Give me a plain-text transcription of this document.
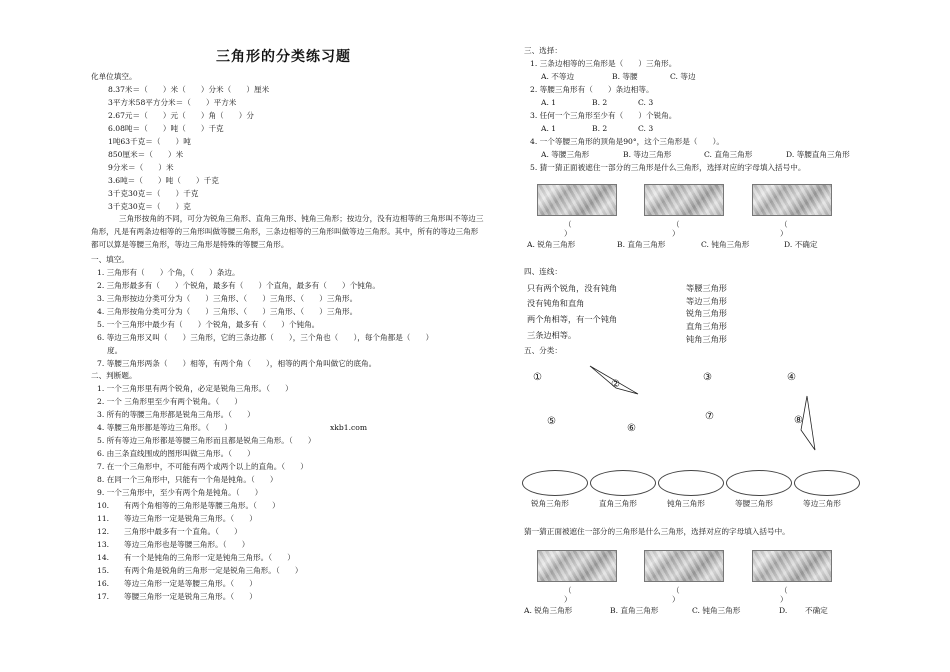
三角形的分类练习题
化单位填空。
8.37米＝（　　）米（　　）分米（　　）厘米
3平方米58平方分米＝（　　）平方米
2.67元＝（　　）元（　　）角（　　）分
6.08吨＝（　　）吨（　　）千克
1吨63千克＝（　　）吨
850厘米＝（　　）米
9分米＝（　　）米
3.6吨＝（　　）吨（　　）千克
3千克30克＝（　　）千克
3千克30克＝（　　）克
三角形按角的不同，可分为锐角三角形、直角三角形、钝角三角形；按边分，没有边相等的三角形叫不等边三角形，凡是有两条边相等的三角形叫做等腰三角形，三条边相等的三角形叫做等边三角形。其中，所有的等边三角形都可以算是等腰三角形，等边三角形是特殊的等腰三角形。
一、填空。
1. 三角形有（　　）个角，（　　）条边。
2. 三角形最多有（　　）个锐角，最多有（　　）个直角，最多有（　　）个钝角。
3. 三角形按边分类可分为（　　）三角形、（　　）三角形、（　　）三角形。
4. 三角形按角分类可分为（　　）三角形、（　　）三角形、（　　）三角形。
5. 一个三角形中最少有（　　）个锐角，最多有（　　）个钝角。
6. 等边三角形又叫（　　）三角形，它的三条边都（　　），三个角也（　　），每个角都是（　　）
度。
7. 等腰三角形两条（　　）相等，有两个角（　　），相等的两个角叫做它的底角。
二、判断题。
1. 一个三角形里有两个锐角，必定是锐角三角形。（　　）
2. 一个 三角形里至少有两个锐角。（　　）
3. 所有的等腰三角形都是锐角三角形。（　　）
4. 等腰三角形都是等边三角形。（　　）
5. 所有等边三角形都是等腰三角形而且都是锐角三角形。（　　）
6. 由三条直线围成的图形叫做三角形。（　　）
7. 在一个三角形中，不可能有两个或两个以上的直角。（　　）
8. 在同一个三角形中，只能有一个角是钝角。（　　）
9. 一个三角形中，至少有两个角是钝角。（　　）
10. 有两个角相等的三角形是等腰三角形。（　　）
11. 等边三角形一定是锐角三角形。（　　）
12. 三角形中最多有一个直角。（　　）
13. 等边三角形也是等腰三角形。（　　）
14. 有一个是钝角的三角形一定是钝角三角形。（　　）
15. 有两个角是锐角的三角形一定是锐角三角形。（　　）
16. 等边三角形一定是等腰三角形。（　　）
17. 等腰三角形一定是锐角三角形。（　　）
xkb1.com
三、选择：
1. 三条边相等的三角形是（　　）三角形。
A. 不等边	B. 等腰	C. 等边
2. 等腰三角形有（　　）条边相等。
A. 1	B. 2	C. 3
3. 任何一个三角形至少有（　　）个锐角。
A. 1	B. 2	C. 3
4. 一个等腰三角形的顶角是90°，这个三角形是（　　）。
A. 等腰三角形	B. 等边三角形	C. 直角三角形	D. 等腰直角三角形
5. 猜一猜正面被遮住一部分的三角形是什么三角形，选择对应的字母填入括号中。
（
）
（
）
（
）
A. 锐角三角形	B. 直角三角形	C. 钝角三角形	D. 不确定
四、连线：
只有两个锐角，没有钝角
没有钝角和直角
两个角相等，有一个钝角
三条边相等。
等腰三角形
等边三角形
锐角三角形
直角三角形
钝角三角形
五、分类：
①
②
③	④
⑤
⑥
⑦	⑧
锐角三角形	直角三角形	钝角三角形	等腰三角形	等边三角形
猜一猜正面被遮住一部分的三角形是什么三角形，选择对应的字母填入括号中。
（
）
（
）
（
）
A. 锐角三角形	B. 直角三角形	C. 钝角三角形	D. 不确定
